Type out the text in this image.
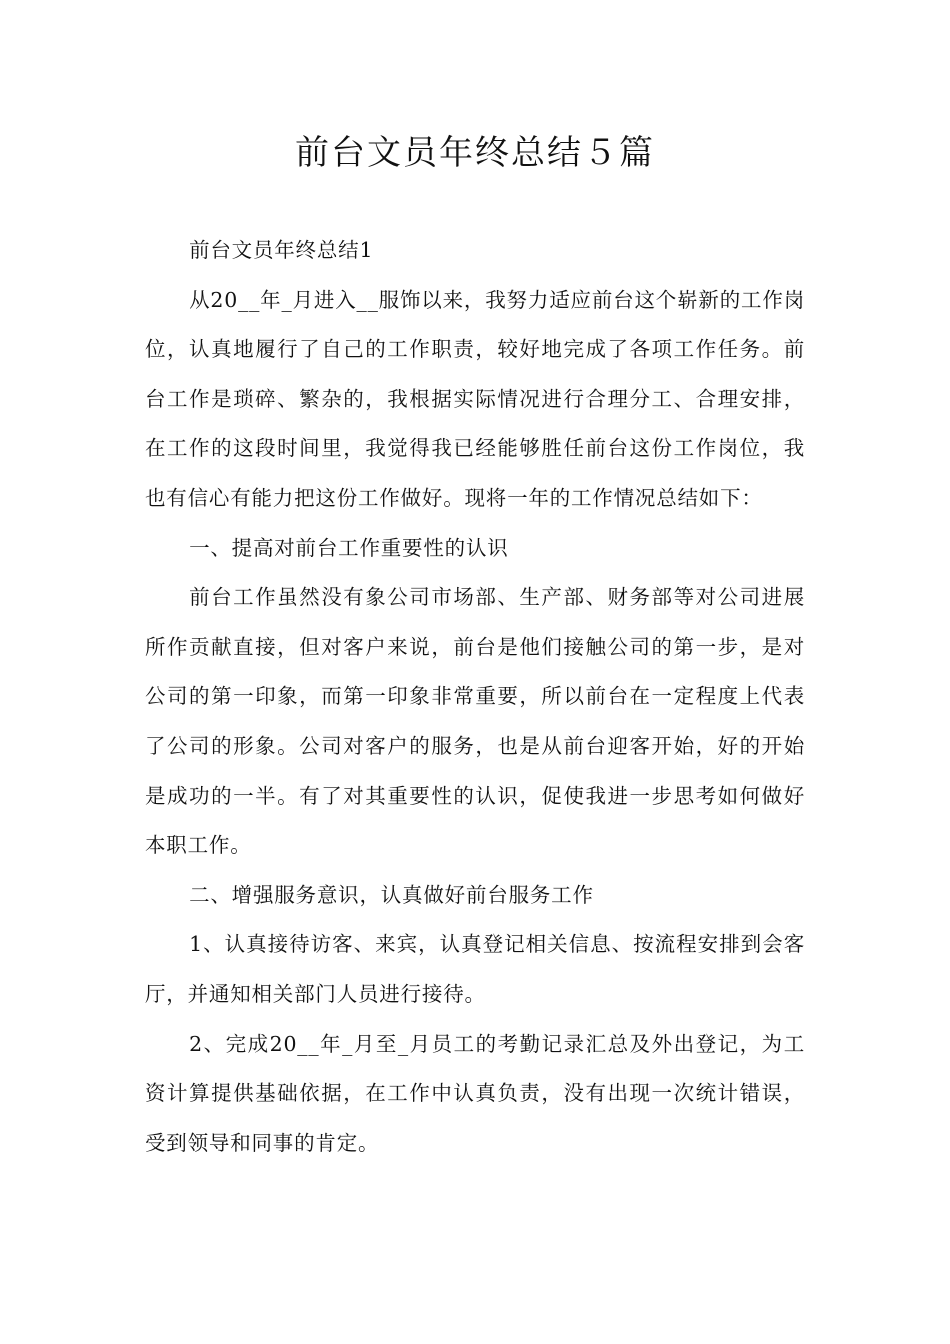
前台文员年终总结５篇

前台文员年终总结1

从20__年_月进入__服饰以来，我努力适应前台这个崭新的工作岗位，认真地履行了自己的工作职责，较好地完成了各项工作任务。前台工作是琐碎、繁杂的，我根据实际情况进行合理分工、合理安排，在工作的这段时间里，我觉得我已经能够胜任前台这份工作岗位，我也有信心有能力把这份工作做好。现将一年的工作情况总结如下：

一、提高对前台工作重要性的认识

前台工作虽然没有象公司市场部、生产部、财务部等对公司进展所作贡献直接，但对客户来说，前台是他们接触公司的第一步，是对公司的第一印象，而第一印象非常重要，所以前台在一定程度上代表了公司的形象。公司对客户的服务，也是从前台迎客开始，好的开始是成功的一半。有了对其重要性的认识，促使我进一步思考如何做好本职工作。

二、增强服务意识，认真做好前台服务工作

1、认真接待访客、来宾，认真登记相关信息、按流程安排到会客厅，并通知相关部门人员进行接待。

2、完成20__年_月至_月员工的考勤记录汇总及外出登记，为工资计算提供基础依据，在工作中认真负责，没有出现一次统计错误，受到领导和同事的肯定。
